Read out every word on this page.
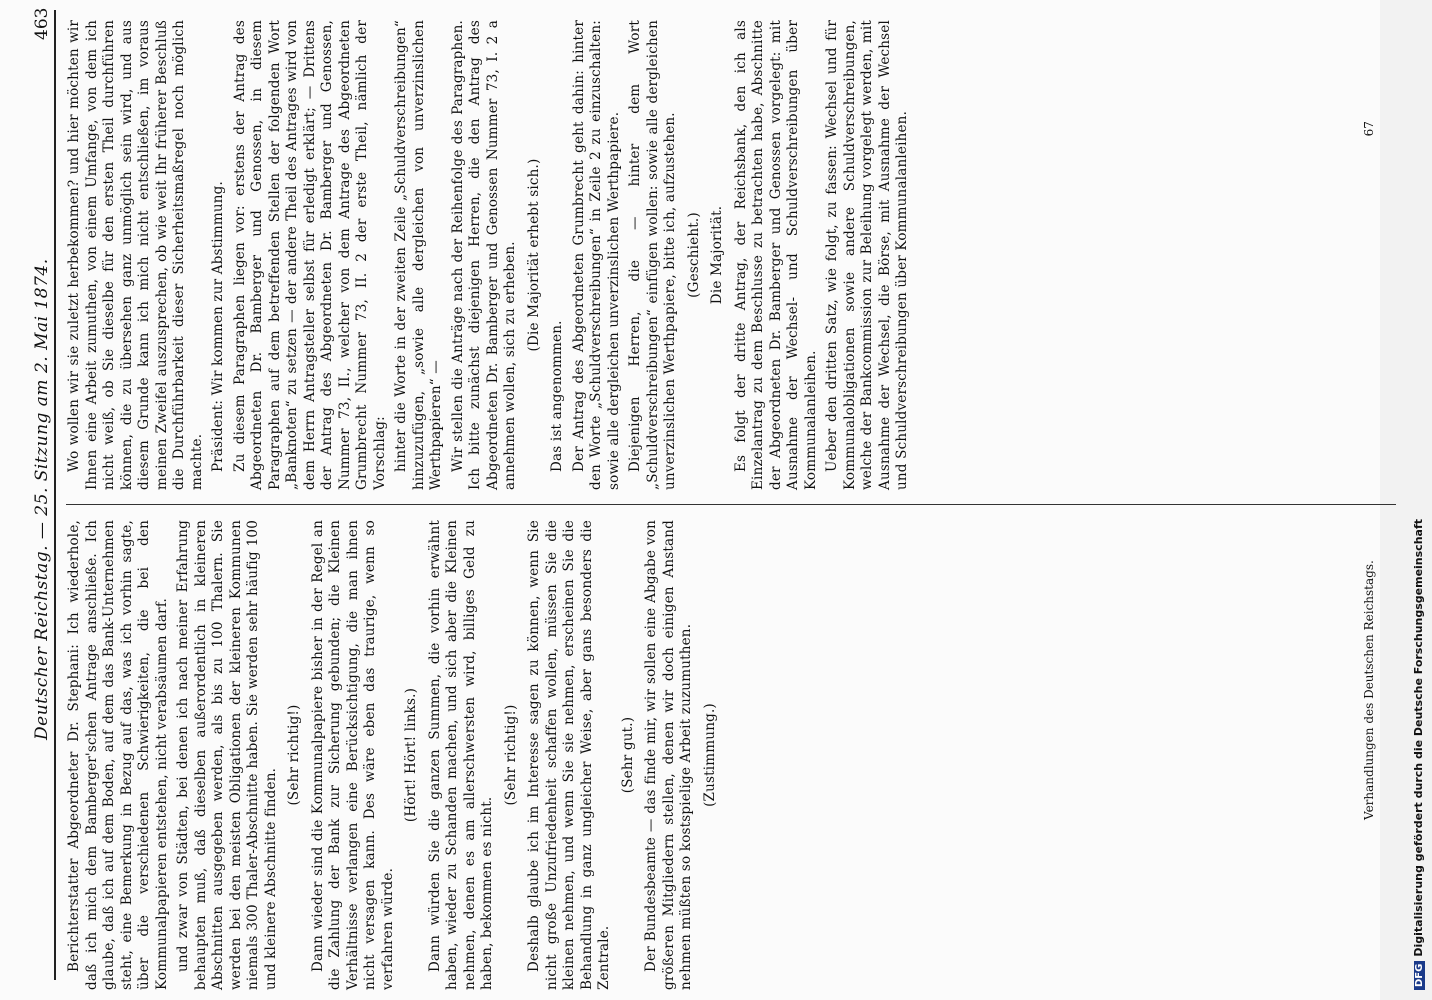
Deutscher Reichstag. — 25. Sitzung am 2. Mai 1874.
463

Berichterstatter Abgeordneter Dr. Stephani: Ich wiederhole, daß ich mich dem Bamberger'schen Antrage anschließe. Ich glaube, daß ich auf dem Boden, auf dem das Bank-Unternehmen steht, eine Bemerkung in Bezug auf das, was ich vorhin sagte, über die verschiedenen Schwierigkeiten, die bei den Kommunalpapieren entstehen, nicht verabsäumen darf. und zwar von Städten, bei denen ich nach meiner Erfahrung behaupten muß, daß dieselben außerordentlich in kleineren Abschnitten ausgegeben werden, als bis zu 100 Thalern. Sie werden bei den meisten Obligationen der kleineren Kommunen niemals 300 Thaler-Abschnitte haben. Sie werden sehr häufig 100 und kleinere Abschnitte finden.

(Sehr richtig!) Dann wieder sind die Kommunalpapiere bisher in der Regel an die Zahlung der Bank zur Sicherung gebunden; die Kleinen Verhältnisse verlangen eine Berücksichtigung, die man ihnen nicht versagen kann. Des wäre eben das traurige, wenn so verfahren würde.

(Hört! Hört! links.) Dann würden Sie die ganzen Summen, die vorhin erwähnt haben, wieder zu Schanden machen, und sich aber die Kleinen nehmen, denen es am allerschwersten wird, billiges Geld zu haben, bekommen es nicht.

(Sehr richtig!) Deshalb glaube ich im Interesse sagen zu können, wenn Sie nicht große Unzufriedenheit schaffen wollen, müssen Sie die kleinen nehmen, und wenn Sie sie nehmen, erscheinen Sie die Behandlung in ganz ungleicher Weise, aber gans besonders die Zentrale.

(Sehr gut.) Der Bundesbeamte — das finde mir, wir sollen eine Abgabe von größeren Mitgliedern stellen, denen wir doch einigen Anstand nehmen müßten so kostspielige Arbeit zuzumuthen. (Zustimmung.)

Wo wollen wir sie zuletzt herbekommen? und hier möchten wir Ihnen eine Arbeit zumuthen, von einem Umfange, von dem ich nicht weiß, ob Sie dieselbe für den ersten Theil durchführen können, die zu übersehen ganz unmöglich sein wird, und aus diesem Grunde kann ich mich nicht entschließen, im voraus meinen Zweifel auszusprechen, ob wie weit Ihr früherer Beschluß die Durchführbarkeit dieser Sicherheitsmaßregel noch möglich machte. Präsident: Wir kommen zur Abstimmung. Zu diesem Paragraphen liegen vor: erstens der Antrag des Abgeordneten Dr. Bamberger und Genossen, in diesem Paragraphen auf dem betreffenden Stellen der folgenden Wort „Banknoten“ zu setzen — der andere Theil des Antrages wird von dem Herrn Antragsteller selbst für erledigt erklärt; — Drittens der Antrag des Abgeordneten Dr. Bamberger und Genossen, Nummer 73, II., welcher von dem Antrage des Abgeordneten Grumbrecht Nummer 73, II. 2 der erste Theil, nämlich der Vorschlag: hinter die Worte in der zweiten Zeile „Schuldverschreibungen“ hinzuzufügen, „sowie alle dergleichen von unverzinslichen Werthpapieren“ — Wir stellen die Anträge nach der Reihenfolge des Paragraphen. Ich bitte zunächst diejenigen Herren, die den Antrag des Abgeordneten Dr. Bamberger und Genossen Nummer 73, I. 2 a annehmen wollen, sich zu erheben. (Die Majorität erhebt sich.)

Das ist angenommen. Der Antrag des Abgeordneten Grumbrecht geht dahin: hinter den Worte „Schuldverschreibungen“ in Zeile 2 zu einzuschalten: sowie alle dergleichen unverzinslichen Werthpapiere. Diejenigen Herren, die — hinter dem Wort „Schuldverschreibungen“ einfügen wollen: sowie alle dergleichen unverzinslichen Werthpapiere, bitte ich, aufzustehen. (Geschieht.) Die Majorität. Es folgt der dritte Antrag, der Reichsbank, den ich als Einzelantrag zu dem Beschlusse zu betrachten habe, Abschnitte der Abgeordneten Dr. Bamberger und Genossen vorgelegt: mit Ausnahme der Wechsel- und Schuldverschreibungen über Kommunalanleihen. Ueber den dritten Satz, wie folgt, zu fassen: Wechsel und für Kommunalobligationen sowie andere Schuldverschreibungen, welche der Bankcommission zur Beleihung vorgelegt werden, mit Ausnahme der Wechsel, die Börse, mit Ausnahme der Wechsel und Schuldverschreibungen über Kommunalanleihen.

Verhandlungen des Deutschen Reichstags. 67
DFGDigitalisierung gefördert durch die Deutsche Forschungsgemeinschaft
